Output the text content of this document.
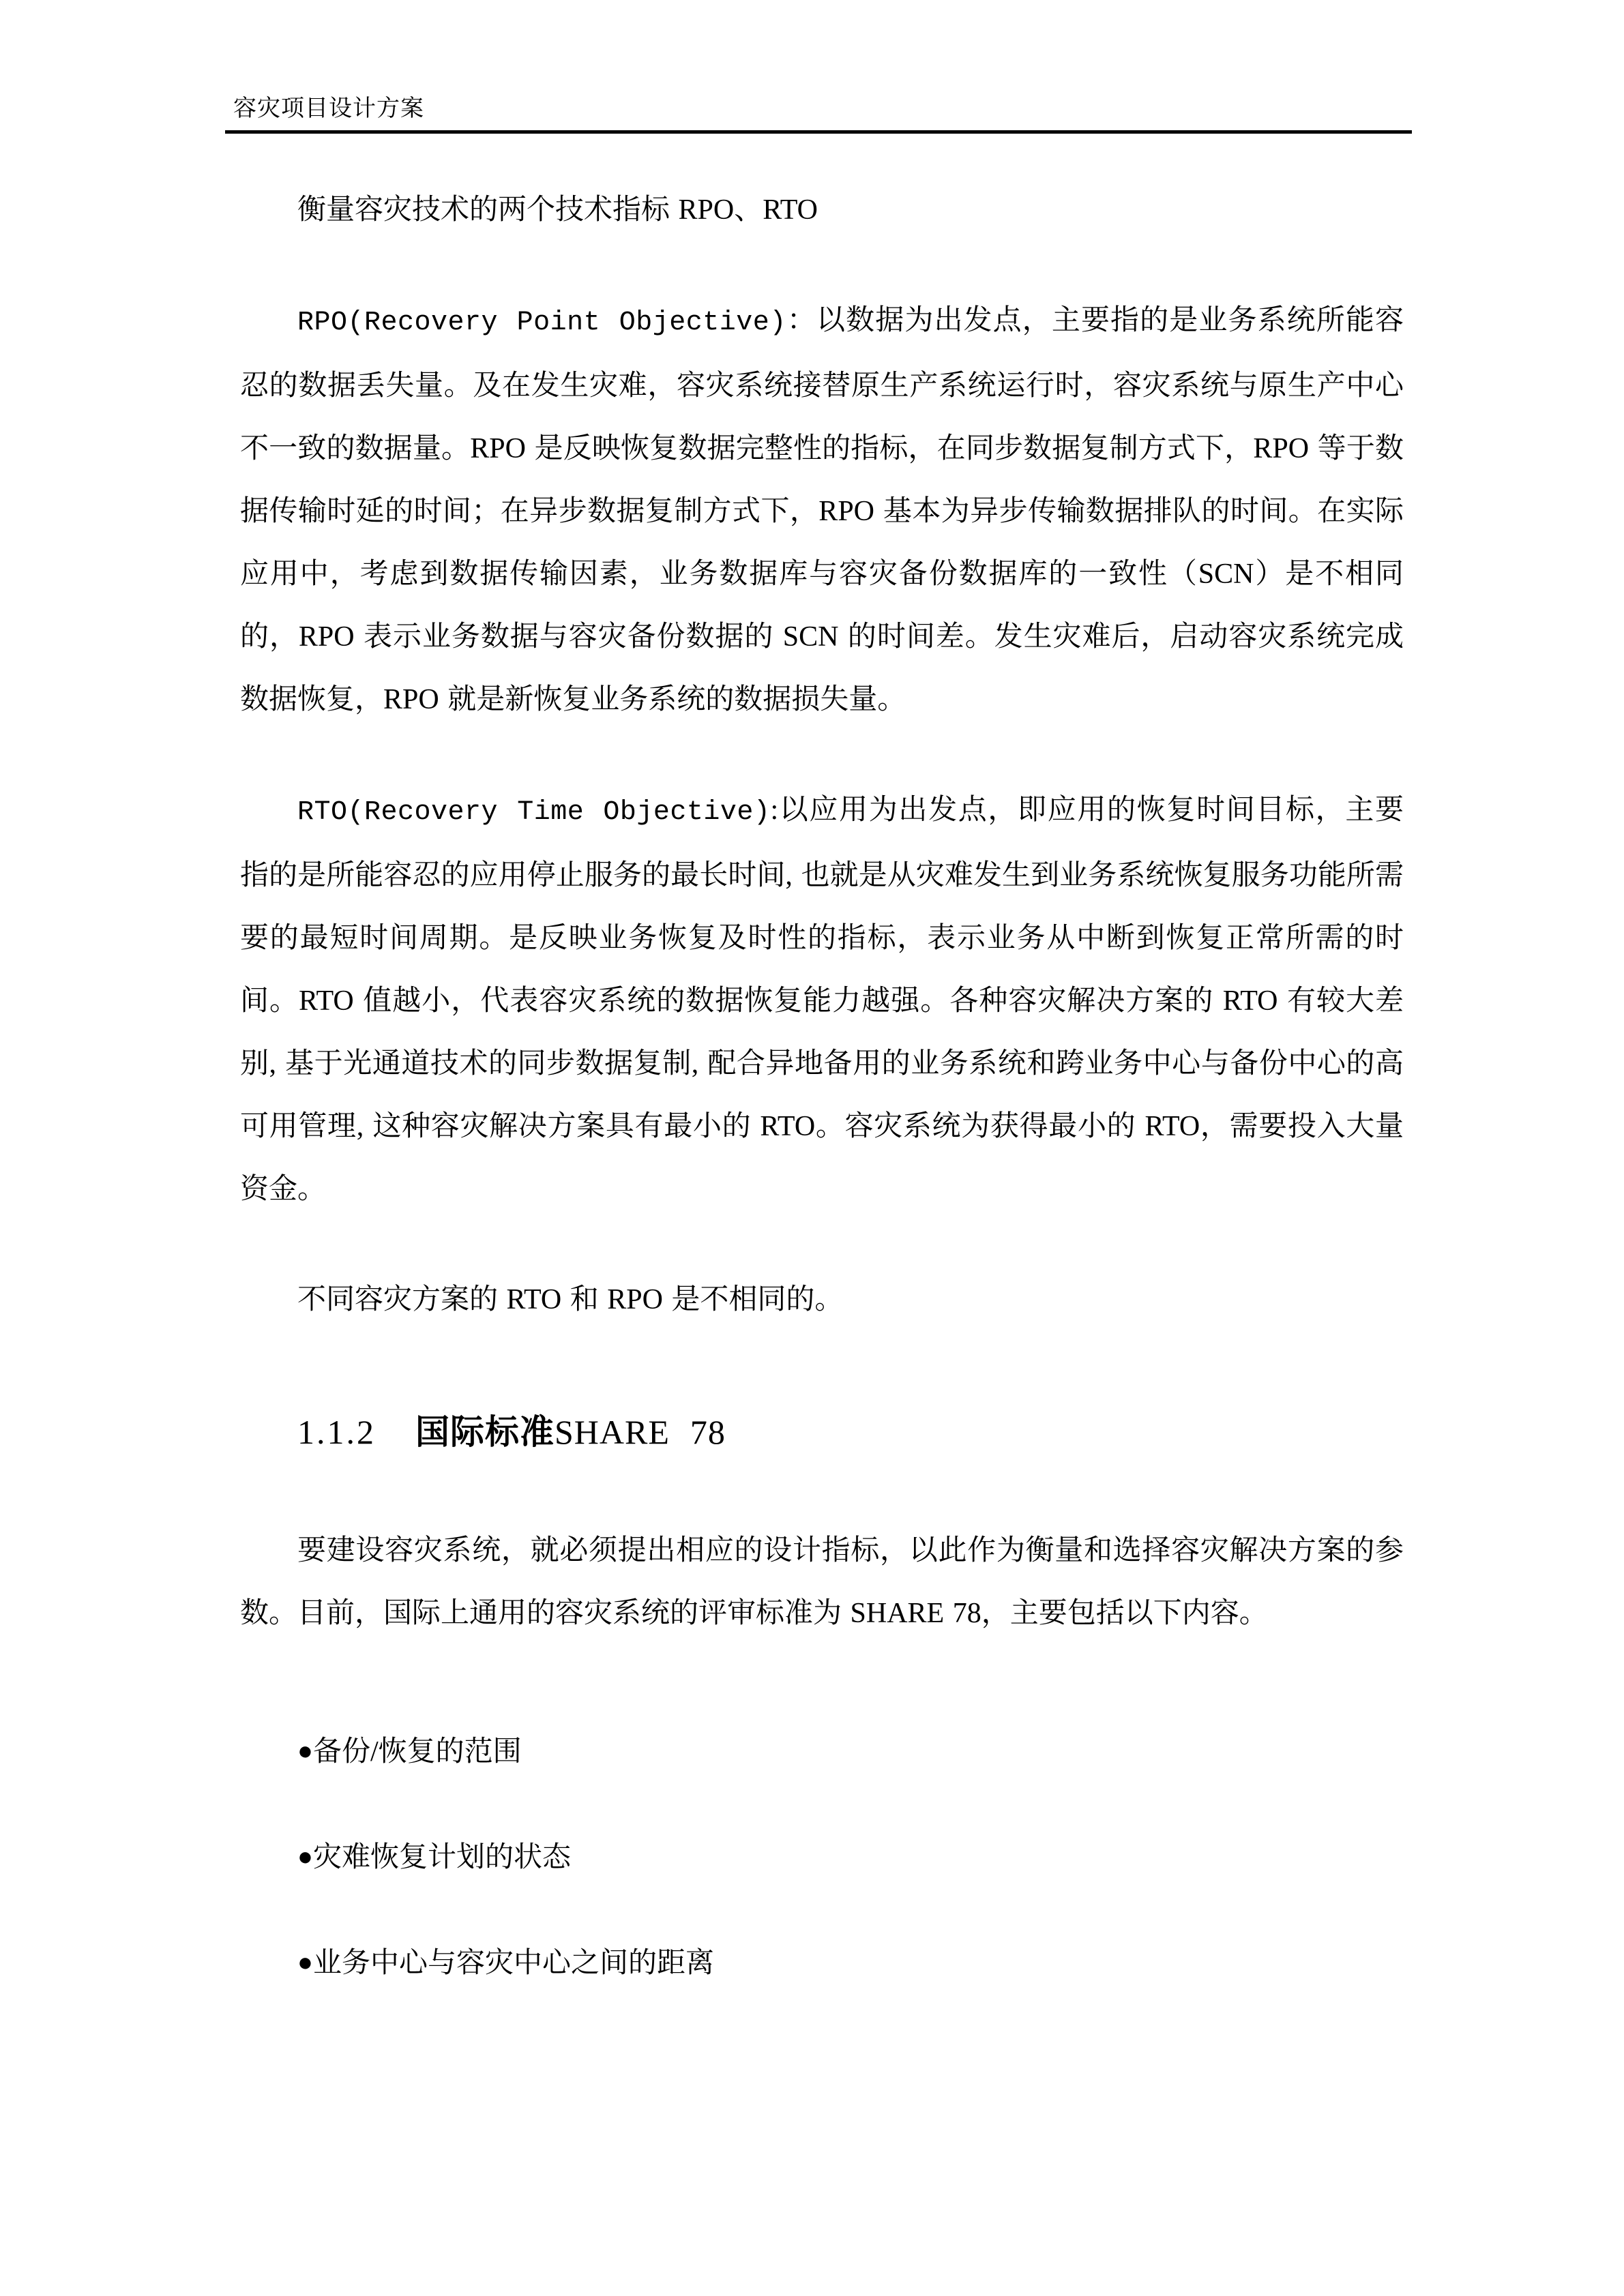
容灾项目设计方案

衡量容灾技术的两个技术指标 RPO、RTO

RPO(Recovery Point Objective)：以数据为出发点，主要指的是业务系统所能容忍的数据丢失量。及在发生灾难，容灾系统接替原生产系统运行时，容灾系统与原生产中心不一致的数据量。RPO 是反映恢复数据完整性的指标，在同步数据复制方式下，RPO 等于数据传输时延的时间；在异步数据复制方式下，RPO 基本为异步传输数据排队的时间。在实际应用中，考虑到数据传输因素，业务数据库与容灾备份数据库的一致性（SCN）是不相同的，RPO 表示业务数据与容灾备份数据的 SCN 的时间差。发生灾难后，启动容灾系统完成数据恢复，RPO 就是新恢复业务系统的数据损失量。

RTO(Recovery Time Objective):以应用为出发点，即应用的恢复时间目标，主要指的是所能容忍的应用停止服务的最长时间, 也就是从灾难发生到业务系统恢复服务功能所需要的最短时间周期。是反映业务恢复及时性的指标，表示业务从中断到恢复正常所需的时间。RTO 值越小，代表容灾系统的数据恢复能力越强。各种容灾解决方案的 RTO 有较大差别, 基于光通道技术的同步数据复制, 配合异地备用的业务系统和跨业务中心与备份中心的高可用管理, 这种容灾解决方案具有最小的 RTO。容灾系统为获得最小的 RTO，需要投入大量资金。

不同容灾方案的 RTO 和 RPO 是不相同的。

1.1.2 国际标准SHARE 78

要建设容灾系统，就必须提出相应的设计指标，以此作为衡量和选择容灾解决方案的参数。目前，国际上通用的容灾系统的评审标准为 SHARE 78，主要包括以下内容。

●备份/恢复的范围
●灾难恢复计划的状态
●业务中心与容灾中心之间的距离
